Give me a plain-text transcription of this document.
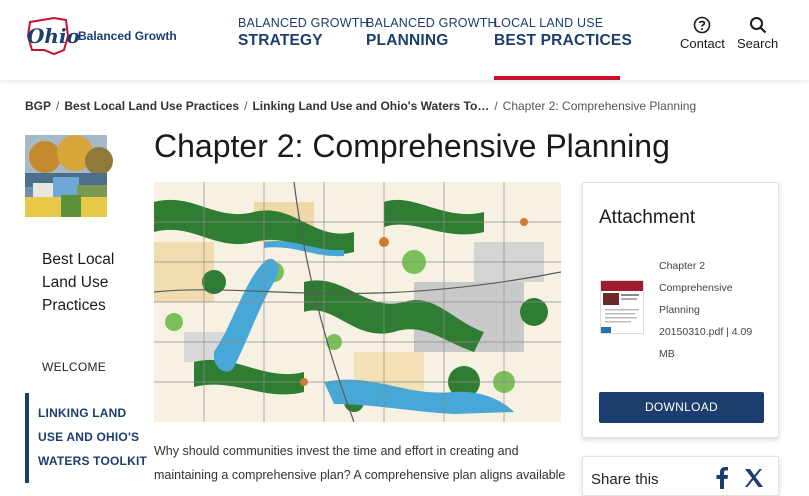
Ohio
Balanced Growth
BALANCED GROWTH
STRATEGY
BALANCED GROWTH
PLANNING
LOCAL LAND USE
BEST PRACTICES	Contact Search
BGP / Best Local Land Use Practices / Linking Land Use and Ohio's Waters To… / Chapter 2: Comprehensive Planning
Best Local Land Use Practices
WELCOME
LINKING LAND USE AND OHIO'S WATERS TOOLKIT
Chapter 2: Comprehensive Planning
Why should communities invest the time and effort in creating and maintaining a comprehensive plan? A comprehensive plan aligns available
Attachment
Chapter 2
Comprehensive
Planning
20150310.pdf | 4.09
MB
DOWNLOAD
Share this
